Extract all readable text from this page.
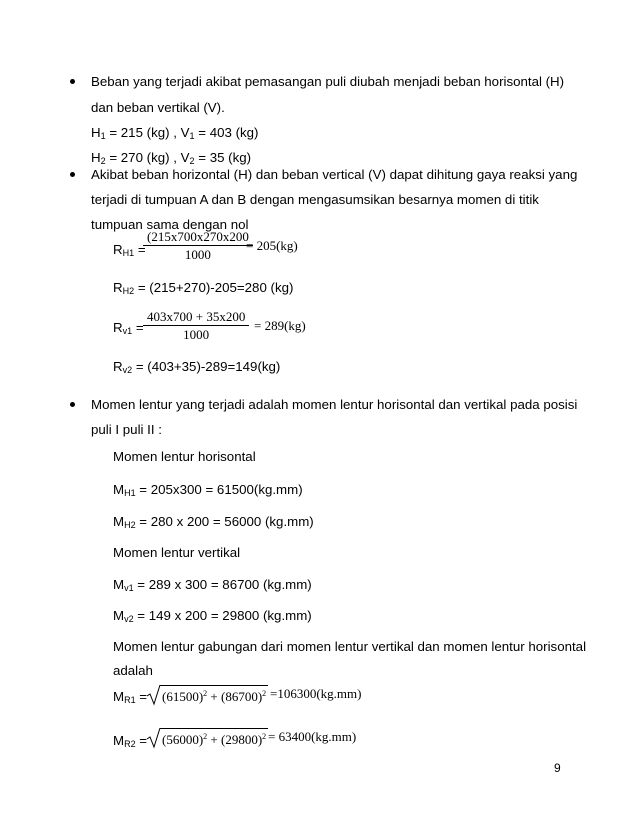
Beban yang terjadi akibat pemasangan puli diubah menjadi beban horisontal (H)
dan beban vertikal (V).
$H_1 = 215$ (kg) , $V_1 = 403$ (kg)
$H_2 = 270$ (kg) , $V_2 = 35$ (kg)
Akibat beban horizontal (H) dan beban vertical (V) dapat dihitung gaya reaksi yang
terjadi di tumpuan A dan B dengan mengasumsikan besarnya momen di titik
tumpuan sama dengan nol
$R_{H1}$ =
(215x700x270x200
1000
= 205(kg)
$R_{H2} = (215+270)-205=280$ (kg)
$R_{v1}$ =
403x700 + 35x200
1000
= 289(kg)
$R_{v2} = (403+35)-289=149(kg)$
Momen lentur yang terjadi adalah momen lentur horisontal dan vertikal pada posisi
puli I puli II :
Momen lentur horisontal
$M_{H1} = 205x300 = 61500(kg.mm)$
$M_{H2} = 280$ x 200 = 56000 (kg.mm)
Momen lentur vertikal
$M_{v1} = 289$ x 300 = 86700 (kg.mm)
$M_{v2} = 149$ x 200 = 29800 (kg.mm)
Momen lentur gabungan dari momen lentur vertikal dan momen lentur horisontal
adalah
$M_{R1} = (61500)^2 + (86700)^2 =106300(kg.mm)$
$M_{R2} = (56000)^2 + (29800)^2 = 63400(kg.mm)$
9
